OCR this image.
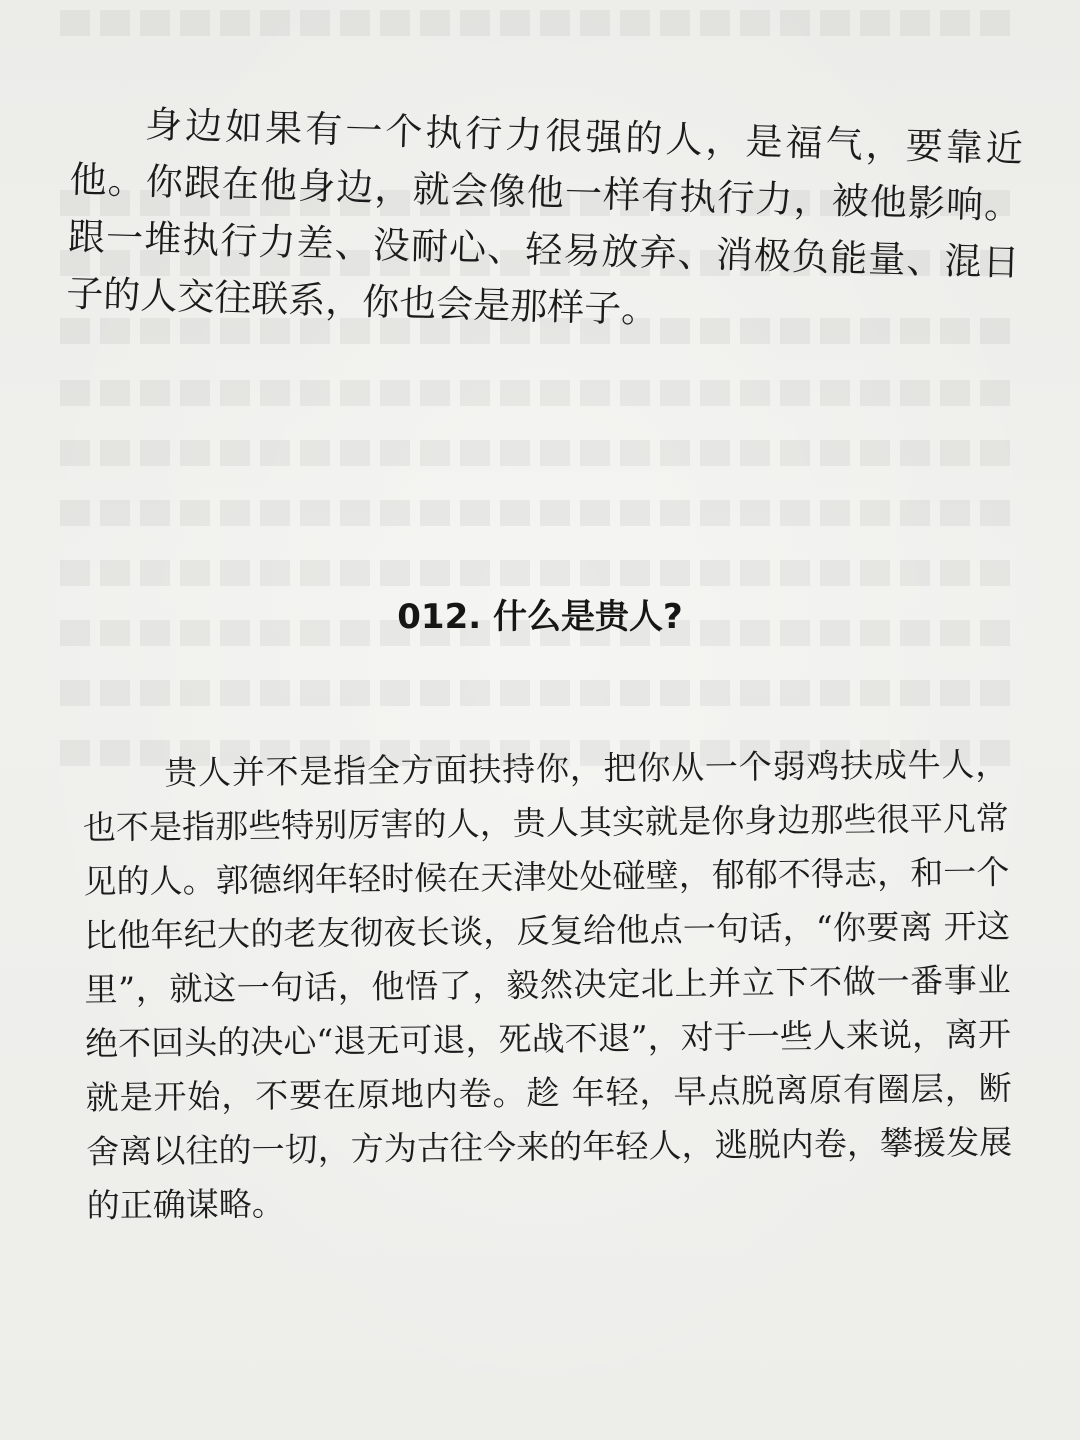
身边如果有一个执行力很强的人，是福气，要靠近他。你跟在他身边，就会像他一样有执行力，被他影响。跟一堆执行力差、没耐心、轻易放弃、消极负能量、混日子的人交往联系，你也会是那样子。

012. 什么是贵人?

贵人并不是指全方面扶持你，把你从一个弱鸡扶成牛人，也不是指那些特别厉害的人，贵人其实就是你身边那些很平凡常见的人。郭德纲年轻时候在天津处处碰壁，郁郁不得志，和一个 比他年纪大的老友彻夜长谈，反复给他点一句话，“你要离 开这里”，就这一句话，他悟了，毅然决定北上并立下不做一番事业绝不回头的决心“退无可退，死战不退”，对于一些人来说，离开就是开始，不要在原地内卷。趁 年轻，早点脱离原有圈层，断舍离以往的一切，方为古往今来的年轻人，逃脱内卷，攀援发展的正确谋略。
